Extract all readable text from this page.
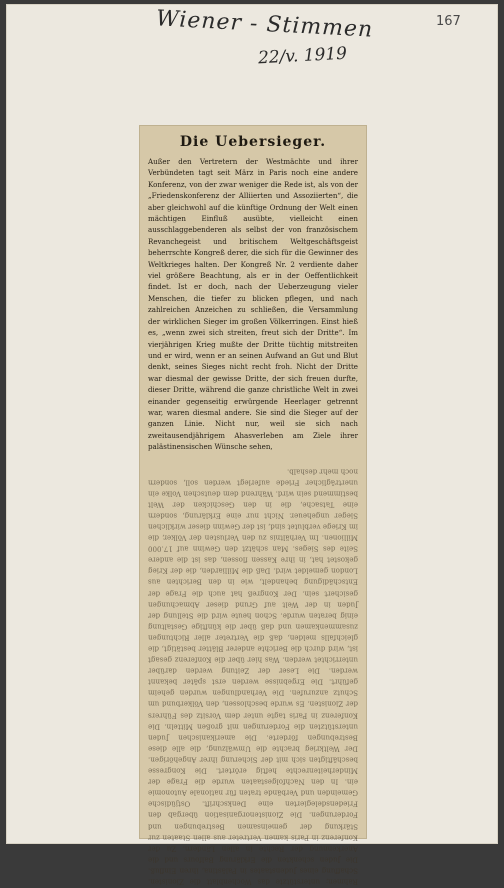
Wiener - Stimmen
22/v. 1919
167
Die Uebersieger.
Außer den Vertretern der Westmächte und ihrer Verbündeten tagt seit März in Paris noch eine andere Konferenz, von der zwar weniger die Rede ist, als von der „Friedenskonferenz der Alliierten und Assoziierten“, die aber gleichwohl auf die künftige Ordnung der Welt einen mächtigen Einfluß ausübte, vielleicht einen ausschlaggebenderen als selbst der von französischem Revanchegeist und britischem Weltgeschäftsgeist beherrschte Kongreß derer, die sich für die Gewinner des Weltkrieges halten. Der Kongreß Nr. 2 verdiente daher viel größere Beachtung, als er in der Oeffentlichkeit findet. Ist er doch, nach der Ueberzeugung vieler Menschen, die tiefer zu blicken pflegen, und nach zahlreichen Anzeichen zu schließen, die Versammlung der wirklichen Sieger im großen Völkerringen. Einst hieß es, „wenn zwei sich streiten, freut sich der Dritte“. Im vierjährigen Krieg mußte der Dritte tüchtig mitstreiten und er wird, wenn er an seinen Aufwand an Gut und Blut denkt, seines Sieges nicht recht froh. Nicht der Dritte war diesmal der gewisse Dritte, der sich freuen durfte, dieser Dritte, während die ganze christliche Welt in zwei einander gegenseitig erwürgende Heerlager getrennt war, waren diesmal andere. Sie sind die Sieger auf der ganzen Linie. Nicht nur, weil sie sich nach zweitausendjährigem Ahasverleben am Ziele ihrer palästinensischen Wünsche sehen,
Rahmen; unterstützte das Wochenblatt die Zionisten. Schaffung eines Judenstaates in Palästina, ihren Einfluß. Die Juden schenkten die Erklärung Balfours und die Anerkennung der Rechte in allen Ländern. Zu der Konferenz in Paris kamen Vertreter aus allen Staaten zur Stärkung der gemeinsamen Bestrebungen und Forderungen. Die Zionistenorganisation übergab den Friedensdelegierten eine Denkschrift. Ostjüdische Gemeinden und Verbände traten für nationale Autonomie ein. In den Nachfolgestaaten wurde die Frage der Minderheitenrechte heftig erörtert. Die Kongresse beschäftigten sich mit der Sicherung ihrer Angehörigen. Der Weltkrieg brachte die Umwälzung, die alle diese Bestrebungen förderte. Die amerikanischen Juden unterstützten die Forderungen mit großen Mitteln. Die Konferenz in Paris tagte unter dem Vorsitz des Führers der Zionisten. Es wurde beschlossen, den Völkerbund um Schutz anzurufen. Die Verhandlungen wurden geheim geführt. Die Ergebnisse werden erst später bekannt werden. Die Leser der Zeitung werden darüber unterrichtet werden. Was hier über die Konferenz gesagt ist, wird durch die Berichte anderer Blätter bestätigt, die gleichfalls melden, daß die Vertreter aller Richtungen zusammenkamen und daß über die künftige Gestaltung einig beraten wurde. Schon heute wird die Stellung der Juden in der Welt auf Grund dieser Abmachungen gesichert sein. Der Kongreß hat auch die Frage der Entschädigung behandelt, wie in den Berichten aus London gemeldet wird. Daß die Milliarden, die der Krieg gekostet hat, in ihre Kassen flossen, das ist die andere Seite des Sieges. Man schätzt den Gewinn auf 17.000 Millionen. Im Verhältnis zu den Verlusten der Völker, die im Kriege verblutet sind, ist der Gewinn dieser wirklichen Sieger ungeheuer. Nicht nur eine Erklärung, sondern eine Tatsache, die in den Geschicken der Welt bestimmend sein wird. Während dem deutschen Volke ein unerträglicher Friede auferlegt werden soll, sondern noch mehr deshalb.
